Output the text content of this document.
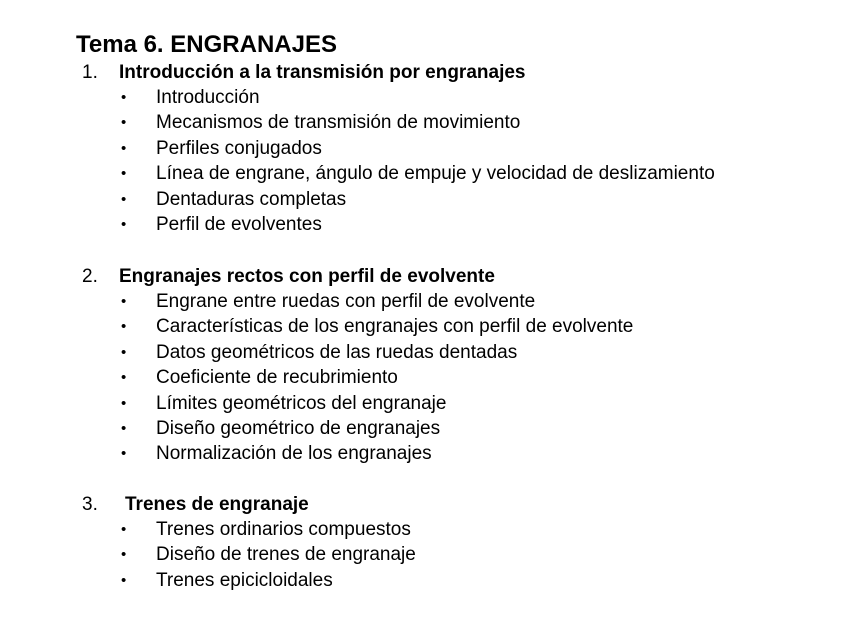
Tema 6. ENGRANAJES
1. Introducción a la transmisión por engranajes
• Introducción
• Mecanismos de transmisión de movimiento
• Perfiles conjugados
• Línea de engrane, ángulo de empuje y velocidad de deslizamiento
• Dentaduras completas
• Perfil de evolventes
2. Engranajes rectos con perfil de evolvente
• Engrane entre ruedas con perfil de evolvente
• Características de los engranajes con perfil de evolvente
• Datos geométricos de las ruedas dentadas
• Coeficiente de recubrimiento
• Límites geométricos del engranaje
• Diseño geométrico de engranajes
• Normalización de los engranajes
3. Trenes de engranaje
• Trenes ordinarios compuestos
• Diseño de trenes de engranaje
• Trenes epicicloidales
